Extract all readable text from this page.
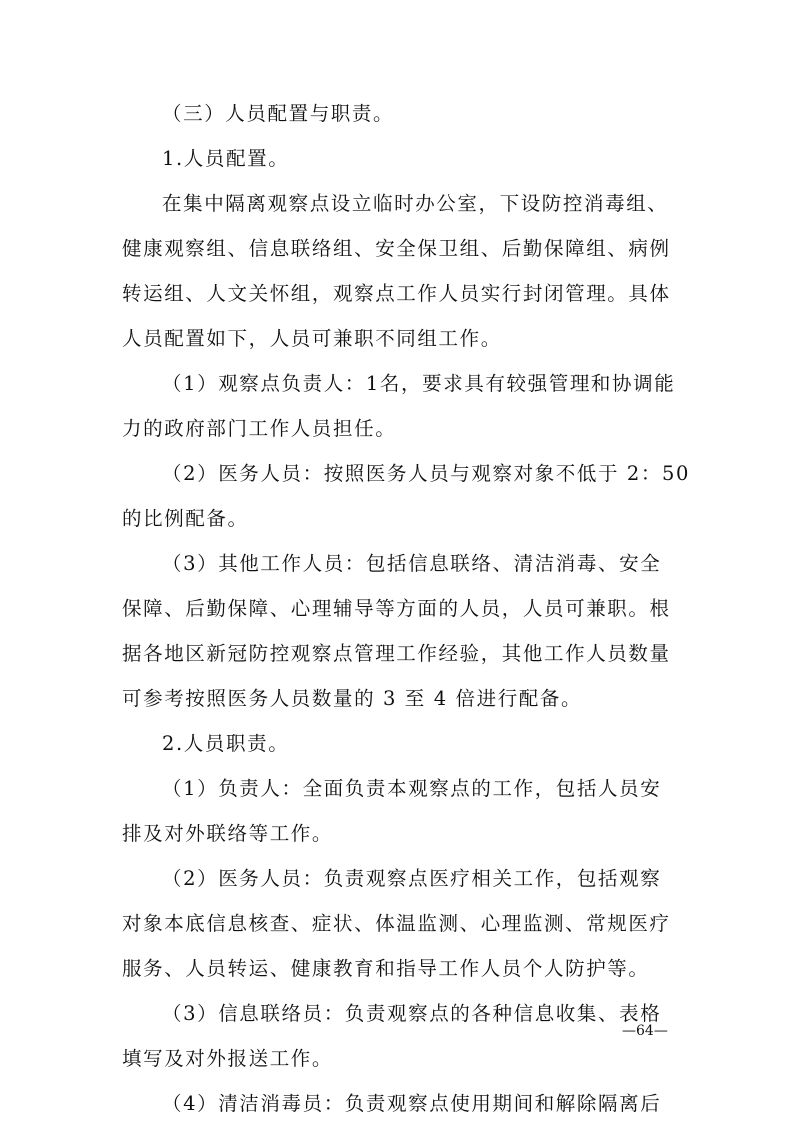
（三）人员配置与职责。
1.人员配置。
在集中隔离观察点设立临时办公室，下设防控消毒组、
健康观察组、信息联络组、安全保卫组、后勤保障组、病例
转运组、人文关怀组，观察点工作人员实行封闭管理。具体
人员配置如下，人员可兼职不同组工作。
（1）观察点负责人：1名，要求具有较强管理和协调能
力的政府部门工作人员担任。
（2）医务人员：按照医务人员与观察对象不低于 2：50
的比例配备。
（3）其他工作人员：包括信息联络、清洁消毒、安全
保障、后勤保障、心理辅导等方面的人员，人员可兼职。根
据各地区新冠防控观察点管理工作经验，其他工作人员数量
可参考按照医务人员数量的 3 至 4 倍进行配备。
2.人员职责。
（1）负责人：全面负责本观察点的工作，包括人员安
排及对外联络等工作。
（2）医务人员：负责观察点医疗相关工作，包括观察
对象本底信息核查、症状、体温监测、心理监测、常规医疗
服务、人员转运、健康教育和指导工作人员个人防护等。
（3）信息联络员：负责观察点的各种信息收集、表格
填写及对外报送工作。
（4）清洁消毒员：负责观察点使用期间和解除隔离后
—64—
